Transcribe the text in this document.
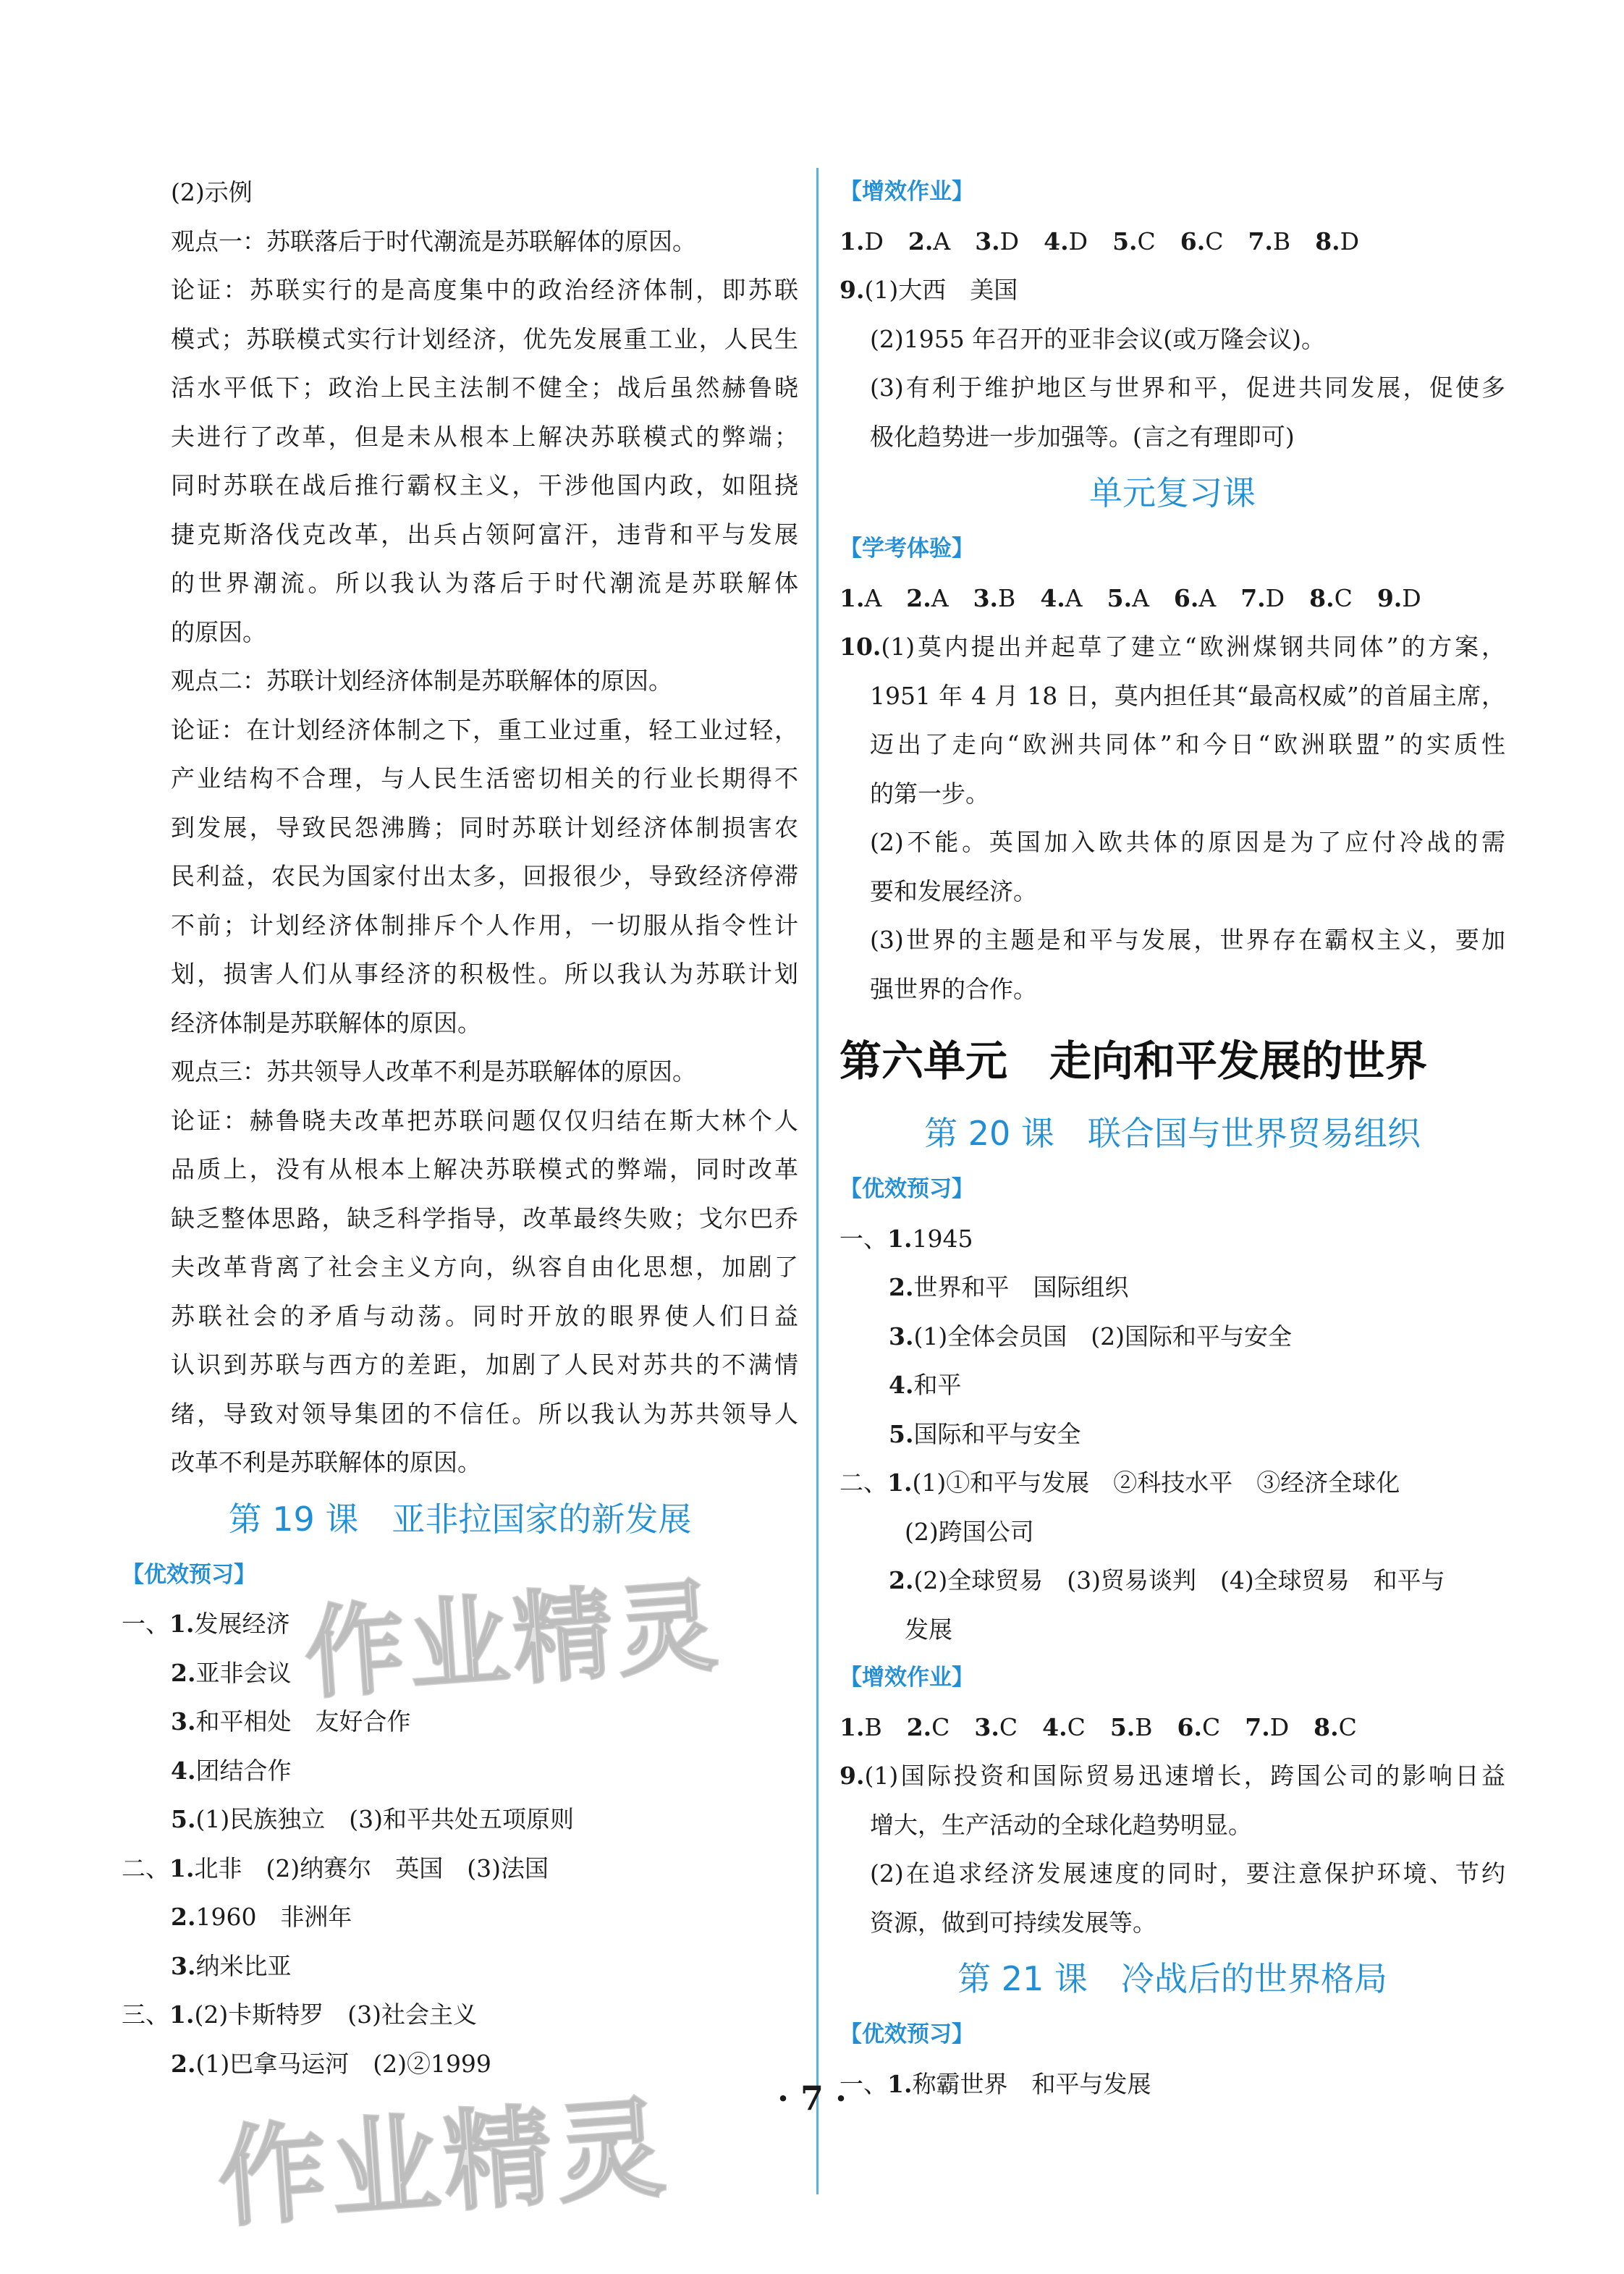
(2)示例
观点一：苏联落后于时代潮流是苏联解体的原因。
论证：苏联实行的是高度集中的政治经济体制，即苏联
模式；苏联模式实行计划经济，优先发展重工业，人民生
活水平低下；政治上民主法制不健全；战后虽然赫鲁晓
夫进行了改革，但是未从根本上解决苏联模式的弊端；
同时苏联在战后推行霸权主义，干涉他国内政，如阻挠
捷克斯洛伐克改革，出兵占领阿富汗，违背和平与发展
的世界潮流。所以我认为落后于时代潮流是苏联解体
的原因。
观点二：苏联计划经济体制是苏联解体的原因。
论证：在计划经济体制之下，重工业过重，轻工业过轻，
产业结构不合理，与人民生活密切相关的行业长期得不
到发展，导致民怨沸腾；同时苏联计划经济体制损害农
民利益，农民为国家付出太多，回报很少，导致经济停滞
不前；计划经济体制排斥个人作用，一切服从指令性计
划，损害人们从事经济的积极性。所以我认为苏联计划
经济体制是苏联解体的原因。
观点三：苏共领导人改革不利是苏联解体的原因。
论证：赫鲁晓夫改革把苏联问题仅仅归结在斯大林个人
品质上，没有从根本上解决苏联模式的弊端，同时改革
缺乏整体思路，缺乏科学指导，改革最终失败；戈尔巴乔
夫改革背离了社会主义方向，纵容自由化思想，加剧了
苏联社会的矛盾与动荡。同时开放的眼界使人们日益
认识到苏联与西方的差距，加剧了人民对苏共的不满情
绪，导致对领导集团的不信任。所以我认为苏共领导人
改革不利是苏联解体的原因。
第 19 课　亚非拉国家的新发展
【优效预习】
一、1.发展经济
2.亚非会议
3.和平相处　友好合作
4.团结合作
5.(1)民族独立　(3)和平共处五项原则
二、1.北非　(2)纳赛尔　英国　(3)法国
2.1960　非洲年
3.纳米比亚
三、1.(2)卡斯特罗　(3)社会主义
2.(1)巴拿马运河　(2)②1999
【增效作业】
1.D 2.A 3.D 4.D 5.C 6.C 7.B 8.D
9.(1)大西　美国
(2)1955 年召开的亚非会议(或万隆会议)。
(3)有利于维护地区与世界和平，促进共同发展，促使多
极化趋势进一步加强等。(言之有理即可)
单元复习课
【学考体验】
1.A 2.A 3.B 4.A 5.A 6.A 7.D 8.C 9.D
10.(1)莫内提出并起草了建立“欧洲煤钢共同体”的方案，
1951 年 4 月 18 日，莫内担任其“最高权威”的首届主席，
迈出了走向“欧洲共同体”和今日“欧洲联盟”的实质性
的第一步。
(2)不能。英国加入欧共体的原因是为了应付冷战的需
要和发展经济。
(3)世界的主题是和平与发展，世界存在霸权主义，要加
强世界的合作。
第六单元　走向和平发展的世界
第 20 课　联合国与世界贸易组织
【优效预习】
一、1.1945
2.世界和平　国际组织
3.(1)全体会员国　(2)国际和平与安全
4.和平
5.国际和平与安全
二、1.(1)①和平与发展　②科技水平　③经济全球化
(2)跨国公司
2.(2)全球贸易　(3)贸易谈判　(4)全球贸易　和平与
发展
【增效作业】
1.B 2.C 3.C 4.C 5.B 6.C 7.D 8.C
9.(1)国际投资和国际贸易迅速增长，跨国公司的影响日益
增大，生产活动的全球化趋势明显。
(2)在追求经济发展速度的同时，要注意保护环境、节约
资源，做到可持续发展等。
第 21 课　冷战后的世界格局
【优效预习】
一、1.称霸世界　和平与发展
· 7 ·
作业精灵
作业精灵
